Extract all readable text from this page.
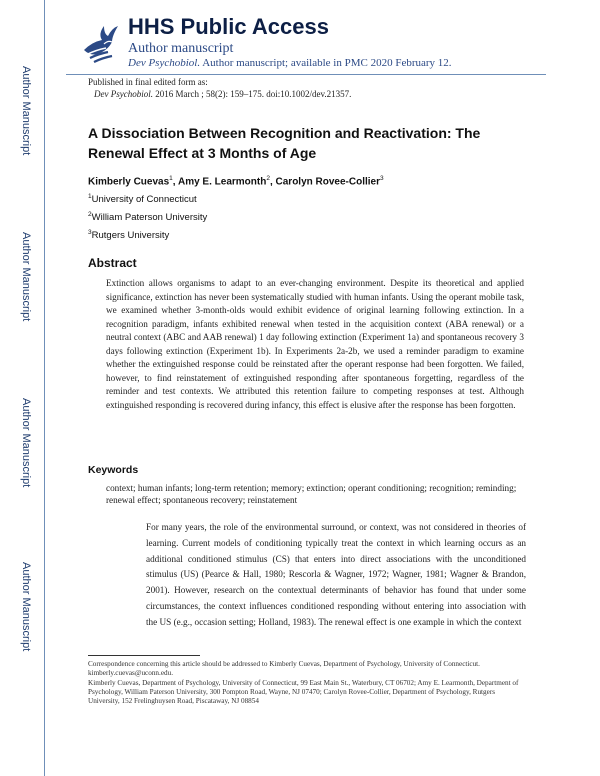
Author Manuscript
Author Manuscript
Author Manuscript
Author Manuscript
HHS Public Access
Author manuscript
Dev Psychobiol. Author manuscript; available in PMC 2020 February 12.
Published in final edited form as:
Dev Psychobiol. 2016 March ; 58(2): 159–175. doi:10.1002/dev.21357.
A Dissociation Between Recognition and Reactivation: The Renewal Effect at 3 Months of Age
Kimberly Cuevas$^1$, Amy E. Learmonth$^2$, Carolyn Rovee-Collier$^3$
$^1$University of Connecticut
$^2$William Paterson University
$^3$Rutgers University
Abstract

Extinction allows organisms to adapt to an ever-changing environment. Despite its theoretical and applied significance, extinction has never been systematically studied with human infants. Using the operant mobile task, we examined whether 3-month-olds would exhibit evidence of original learning following extinction. In a recognition paradigm, infants exhibited renewal when tested in the acquisition context (ABA renewal) or a neutral context (ABC and AAB renewal) 1 day following extinction (Experiment 1a) and spontaneous recovery 3 days following extinction (Experiment 1b). In Experiments 2a-2b, we used a reminder paradigm to examine whether the extinguished response could be reinstated after the operant response had been forgotten. We failed, however, to find reinstatement of extinguished responding after spontaneous forgetting, regardless of the reminder and test contexts. We attributed this retention failure to competing responses at test. Although extinguished responding is recovered during infancy, this effect is elusive after the response has been forgotten.

Keywords

context; human infants; long-term retention; memory; extinction; operant conditioning; recognition; reminding; renewal effect; spontaneous recovery; reinstatement

For many years, the role of the environmental surround, or context, was not considered in theories of learning. Current models of conditioning typically treat the context in which learning occurs as an additional conditioned stimulus (CS) that enters into direct associations with the unconditioned stimulus (US) (Pearce & Hall, 1980; Rescorla & Wagner, 1972; Wagner, 1981; Wagner & Brandon, 2001). However, research on the contextual determinants of behavior has found that under some circumstances, the context influences conditioned responding without entering into association with the US (e.g., occasion setting; Holland, 1983). The renewal effect is one example in which the context

Correspondence concerning this article should be addressed to Kimberly Cuevas, Department of Psychology, University of Connecticut. kimberly.cuevas@uconn.edu.

Kimberly Cuevas, Department of Psychology, University of Connecticut, 99 East Main St., Waterbury, CT 06702; Amy E. Learmonth, Department of Psychology, William Paterson University, 300 Pompton Road, Wayne, NJ 07470; Carolyn Rovee-Collier, Department of Psychology, Rutgers University, 152 Frelinghuysen Road, Piscataway, NJ 08854
